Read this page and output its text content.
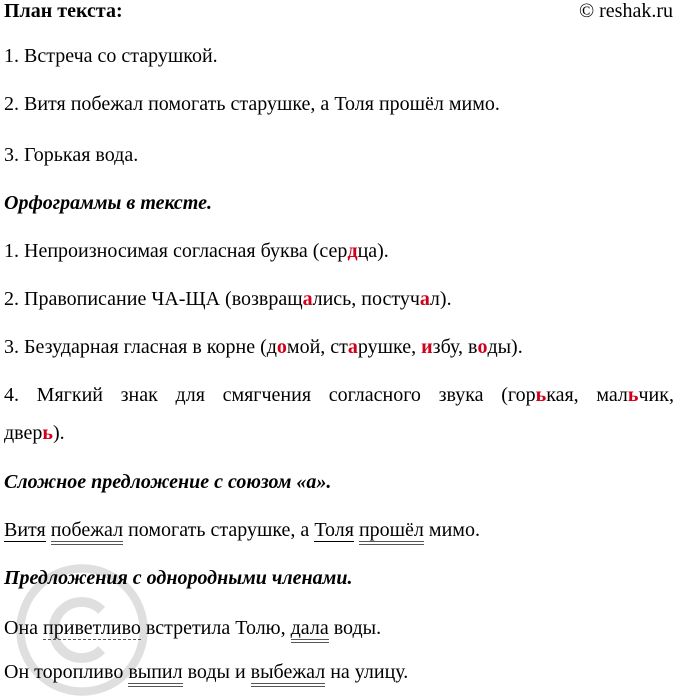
План текста:	© reshak.ru
1. Встреча со старушкой.
2. Витя побежал помогать старушке, а Толя прошёл мимо.
3. Горькая вода.
Орфограммы в тексте.
1. Непроизносимая согласная буква (сердца).
2. Правописание ЧА-ЩА (возвращались, постучал).
3. Безударная гласная в корне (домой, старушке, избу, воды).
4. Мягкий знак для смягчения согласного звука (горькая, мальчик,
дверь).
Сложное предложение с союзом «а».
Витя побежал помогать старушке, а Толя прошёл мимо.
Предложения с однородными членами.
Она приветливо встретила Толю, дала воды.
Он торопливо выпил воды и выбежал на улицу.
